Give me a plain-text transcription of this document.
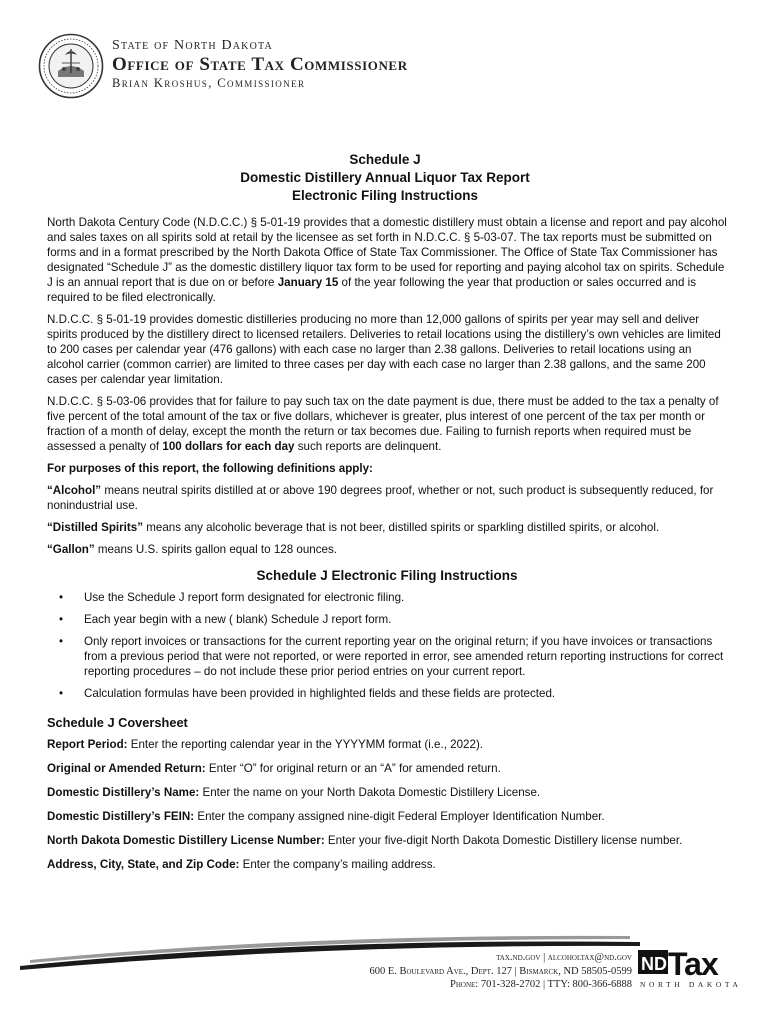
State of North Dakota
Office of State Tax Commissioner
Brian Kroshus, Commissioner
Schedule J
Domestic Distillery Annual Liquor Tax Report
Electronic Filing Instructions

North Dakota Century Code (N.D.C.C.) § 5-01-19 provides that a domestic distillery must obtain a license and report and pay alcohol and sales taxes on all spirits sold at retail by the licensee as set forth in N.D.C.C. § 5-03-07. The tax reports must be submitted on forms and in a format prescribed by the North Dakota Office of State Tax Commissioner. The Office of State Tax Commissioner has designated “Schedule J” as the domestic distillery liquor tax form to be used for reporting and paying alcohol tax on spirits. Schedule J is an annual report that is due on or before January 15 of the year following the year that production or sales occurred and is required to be filed electronically.

N.D.C.C. § 5-01-19 provides domestic distilleries producing no more than 12,000 gallons of spirits per year may sell and deliver spirits produced by the distillery direct to licensed retailers. Deliveries to retail locations using the distillery’s own vehicles are limited to 200 cases per calendar year (476 gallons) with each case no larger than 2.38 gallons. Deliveries to retail locations using an alcohol carrier (common carrier) are limited to three cases per day with each case no larger than 2.38 gallons, and the same 200 cases per calendar year limitation.

N.D.C.C. § 5-03-06 provides that for failure to pay such tax on the date payment is due, there must be added to the tax a penalty of five percent of the total amount of the tax or five dollars, whichever is greater, plus interest of one percent of the tax per month or fraction of a month of delay, except the month the return or tax becomes due. Failing to furnish reports when required must be assessed a penalty of 100 dollars for each day such reports are delinquent.

For purposes of this report, the following definitions apply:

“Alcohol” means neutral spirits distilled at or above 190 degrees proof, whether or not, such product is subsequently reduced, for nonindustrial use.

“Distilled Spirits” means any alcoholic beverage that is not beer, distilled spirits or sparkling distilled spirits, or alcohol.

“Gallon” means U.S. spirits gallon equal to 128 ounces.

Schedule J Electronic Filing Instructions
• Use the Schedule J report form designated for electronic filing.
• Each year begin with a new ( blank) Schedule J report form.
• Only report invoices or transactions for the current reporting year on the original return; if you have invoices or transactions from a previous period that were not reported, or were reported in error, see amended return reporting instructions for correct reporting procedures – do not include these prior period entries on your current report.
• Calculation formulas have been provided in highlighted fields and these fields are protected.
Schedule J Coversheet

Report Period: Enter the reporting calendar year in the YYYYMM format (i.e., 2022).

Original or Amended Return: Enter “O” for original return or an “A” for amended return.

Domestic Distillery’s Name: Enter the name on your North Dakota Domestic Distillery License.

Domestic Distillery’s FEIN: Enter the company assigned nine-digit Federal Employer Identification Number.

North Dakota Domestic Distillery License Number: Enter your five-digit North Dakota Domestic Distillery license number.

Address, City, State, and Zip Code: Enter the company’s mailing address.

tax.nd.gov | alcoholtax@nd.gov
600 E. Boulevard Ave., Dept. 127 | Bismarck, ND 58505-0599
Phone: 701-328-2702 | TTY: 800-366-6888
ND Tax
NORTH DAKOTA
